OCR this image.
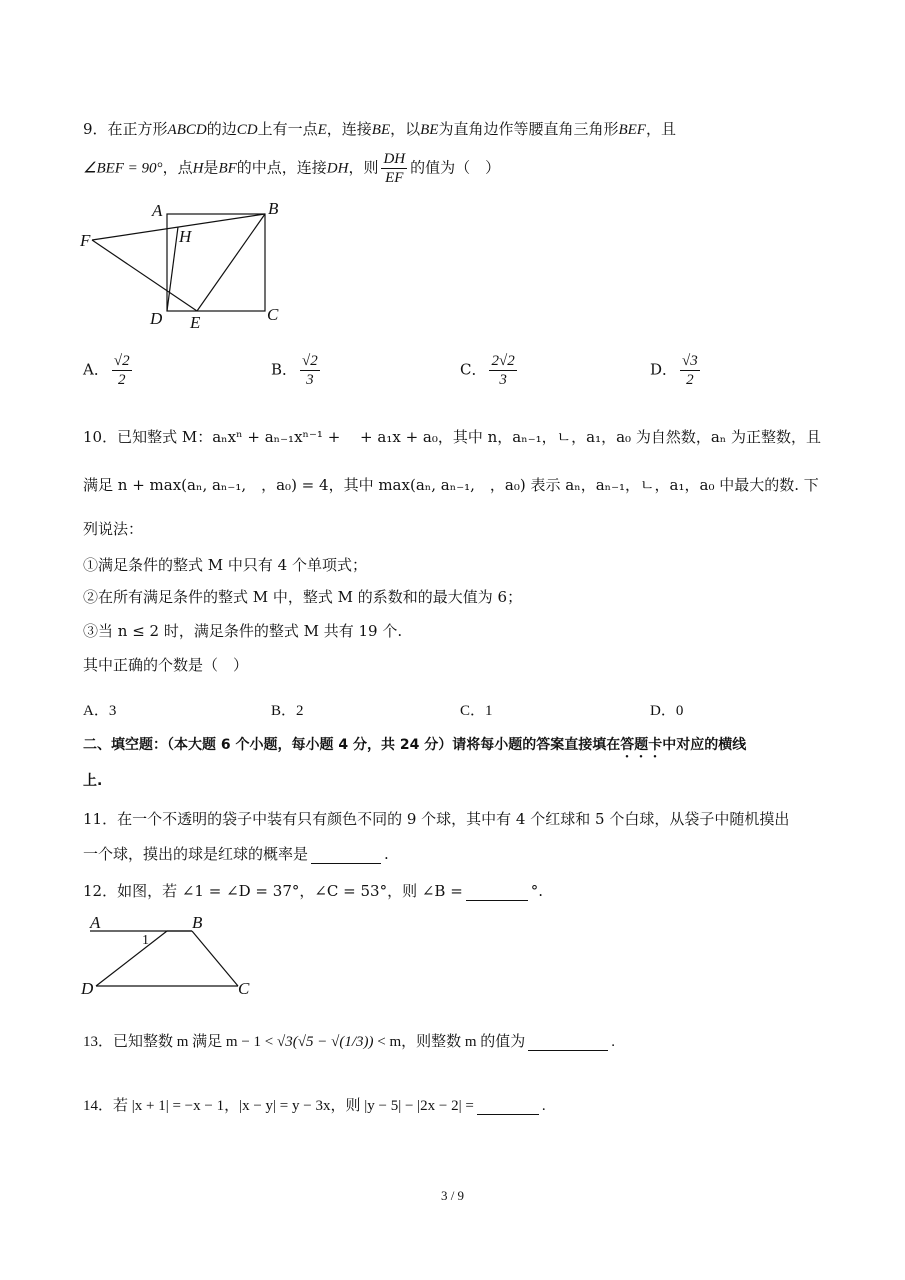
9．在正方形ABCD的边CD上有一点E，连接BE，以BE为直角边作等腰直角三角形BEF，且
∠BEF = 90°，点H是BF的中点，连接DH，则 $\frac{DH}{EF}$ 的值为（　）
A	B
C
D E
F	H
A． $\frac{√2}{2}$	B． $\frac{√2}{3}$	C． $\frac{2√2}{3}$	D． $\frac{√3}{2}$
10．已知整式 M：aₙxⁿ + aₙ₋₁xⁿ⁻¹ +　 + a₁x + a₀，其中 n，aₙ₋₁，ㄴ，a₁，a₀ 为自然数，aₙ 为正整数，且
满足 n + max(aₙ, aₙ₋₁,　，a₀) = 4，其中 max(aₙ, aₙ₋₁,　，a₀) 表示 aₙ，aₙ₋₁，ㄴ，a₁，a₀ 中最大的数. 下
列说法：
①满足条件的整式 M 中只有 4 个单项式；
②在所有满足条件的整式 M 中，整式 M 的系数和的最大值为 6；
③当 n ≤ 2 时，满足条件的整式 M 共有 19 个.
其中正确的个数是（　）
A．3	B．2	C．1	D．0
二、填空题：（本大题 6 个小题，每小题 4 分，共 24 分）请将每小题的答案直接填在答题卡中对应的横线
上.
11．在一个不透明的袋子中装有只有颜色不同的 9 个球，其中有 4 个红球和 5 个白球，从袋子中随机摸出
一个球，摸出的球是红球的概率是	.
12．如图，若 ∠1 = ∠D = 37°，∠C = 53°，则 ∠B =	°.
A	B
C
D
1
13．已知整数 m 满足 m − 1 < √3(√5 − √(1/3)) < m，则整数 m 的值为	.
14．若 |x + 1| = −x − 1，|x − y| = y − 3x，则 |y − 5| − |2x − 2| =	.
3 / 9
